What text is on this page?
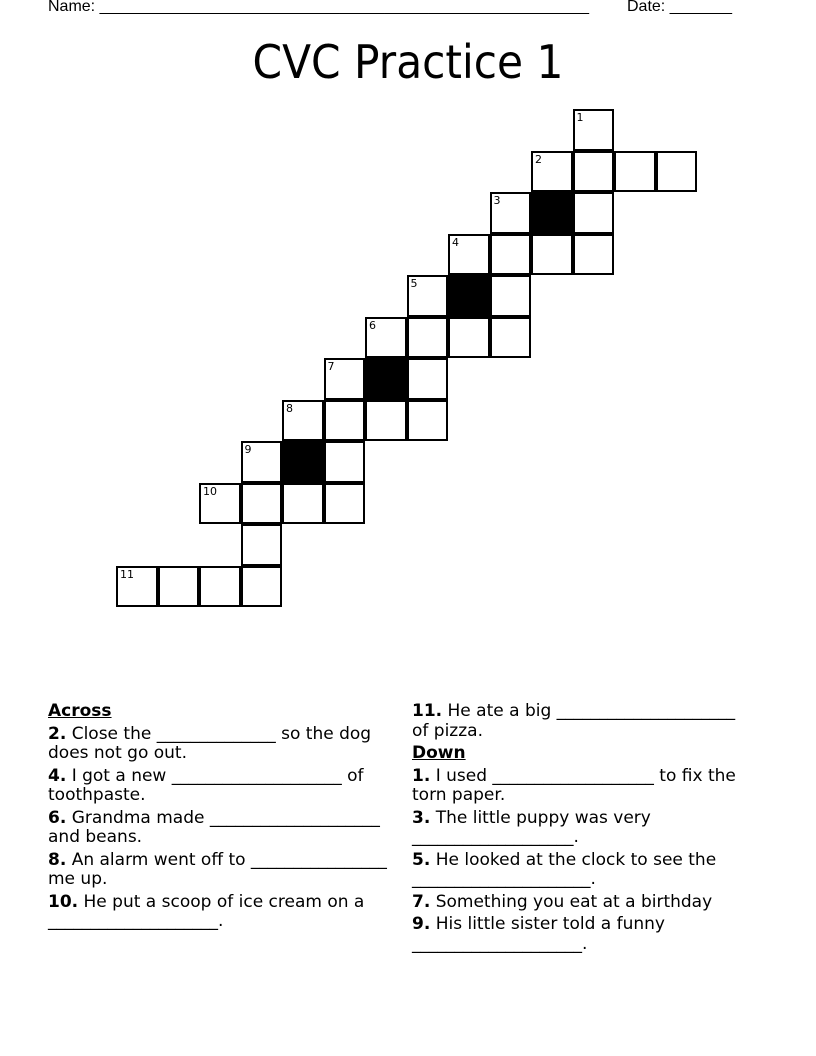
Name: _______________________________________________________ Date: _______
CVC Practice 1
1
2
3
4
5
6
7
8
9
10
11
Across
2. Close the ______________ so the dog does not go out.
4. I got a new ____________________ of toothpaste.
6. Grandma made ____________________ and beans.
8. An alarm went off to ________________ me up.
10. He put a scoop of ice cream on a ____________________.
11. He ate a big _____________________ of pizza.
Down
1. I used ___________________ to fix the torn paper.
3. The little puppy was very ___________________.
5. He looked at the clock to see the _____________________.
7. Something you eat at a birthday
9. His little sister told a funny ____________________.
